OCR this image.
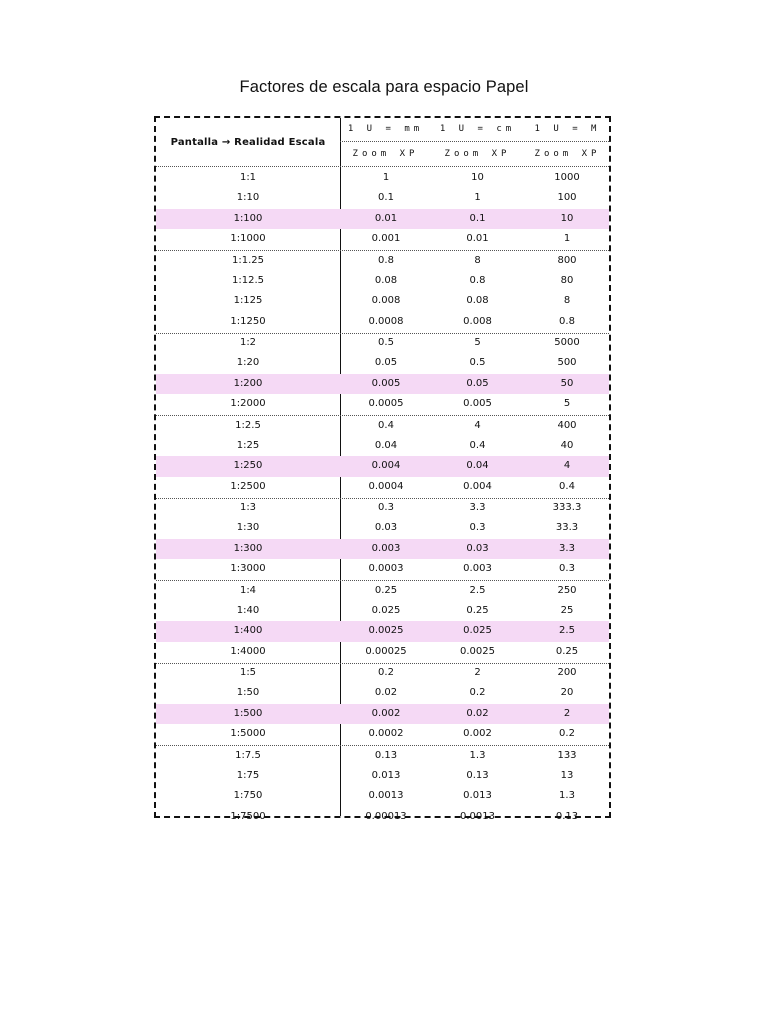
Factores de escala para espacio Papel
Pantalla → Realidad Escala
1 U = mm	1 U = cm	1 U = M
Zoom XP	Zoom XP	Zoom XP
1:1	1	10	1000
1:10	0.1	1	100
1:100	0.01	0.1	10
1:1000	0.001	0.01	1
1:1.25	0.8	8	800
1:12.5	0.08	0.8	80
1:125	0.008	0.08	8
1:1250	0.0008	0.008	0.8
1:2	0.5	5	5000
1:20	0.05	0.5	500
1:200	0.005	0.05	50
1:2000	0.0005	0.005	5
1:2.5	0.4	4	400
1:25	0.04	0.4	40
1:250	0.004	0.04	4
1:2500	0.0004	0.004	0.4
1:3	0.3	3.3	333.3
1:30	0.03	0.3	33.3
1:300	0.003	0.03	3.3
1:3000	0.0003	0.003	0.3
1:4	0.25	2.5	250
1:40	0.025	0.25	25
1:400	0.0025	0.025	2.5
1:4000	0.00025	0.0025	0.25
1:5	0.2	2	200
1:50	0.02	0.2	20
1:500	0.002	0.02	2
1:5000	0.0002	0.002	0.2
1:7.5	0.13	1.3	133
1:75	0.013	0.13	13
1:750	0.0013	0.013	1.3
1:7500	0.00013	0.0013	0.13
